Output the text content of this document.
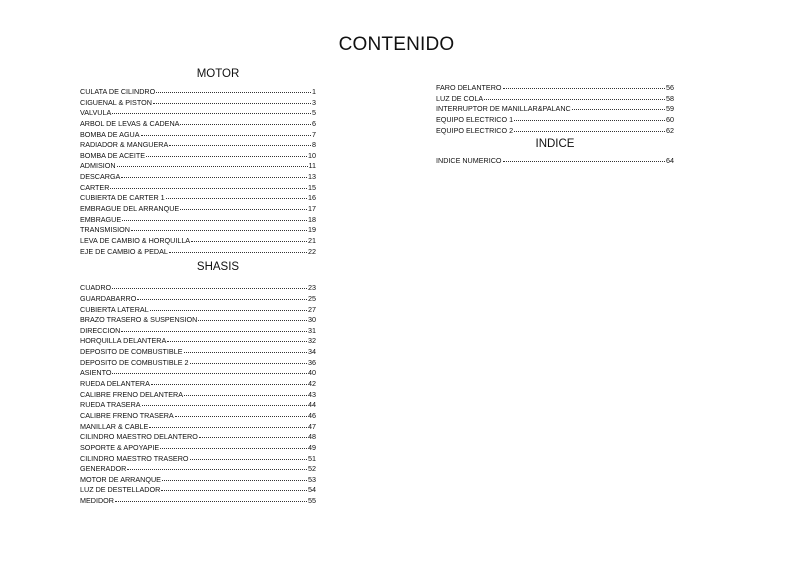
CONTENIDO
MOTOR
CULATA DE CILINDRO	1
CIGUENAL & PISTON	3
VALVULA	5
ARBOL DE LEVAS & CADENA	6
BOMBA DE AGUA	7
RADIADOR & MANGUERA	8
BOMBA DE ACEITE	10
ADMISION	11
DESCARGA	13
CARTER	15
CUBIERTA DE CARTER 1	16
EMBRAGUE DEL ARRANQUE	17
EMBRAGUE	18
TRANSMISION	19
LEVA DE CAMBIO & HORQUILLA	21
EJE DE CAMBIO & PEDAL	22
SHASIS
CUADRO	23
GUARDABARRO	25
CUBIERTA LATERAL	27
BRAZO TRASERO & SUSPENSION	30
DIRECCION	31
HORQUILLA DELANTERA	32
DEPOSITO DE COMBUSTIBLE	34
DEPOSITO DE COMBUSTIBLE 2	36
ASIENTO	40
RUEDA DELANTERA	42
CALIBRE FRENO DELANTERA	43
RUEDA TRASERA	44
CALIBRE FRENO TRASERA	46
MANILLAR & CABLE	47
CILINDRO MAESTRO DELANTERO	48
SOPORTE & APOYAPIE	49
CILINDRO MAESTRO TRASERO	51
GENERADOR	52
MOTOR DE ARRANQUE	53
LUZ DE DESTELLADOR	54
MEDIDOR	55
FARO DELANTERO	56
LUZ DE COLA	58
INTERRUPTOR DE MANILLAR&PALANC	59
EQUIPO ELECTRICO 1	60
EQUIPO ELECTRICO 2	62
INDICE
INDICE NUMERICO	64
